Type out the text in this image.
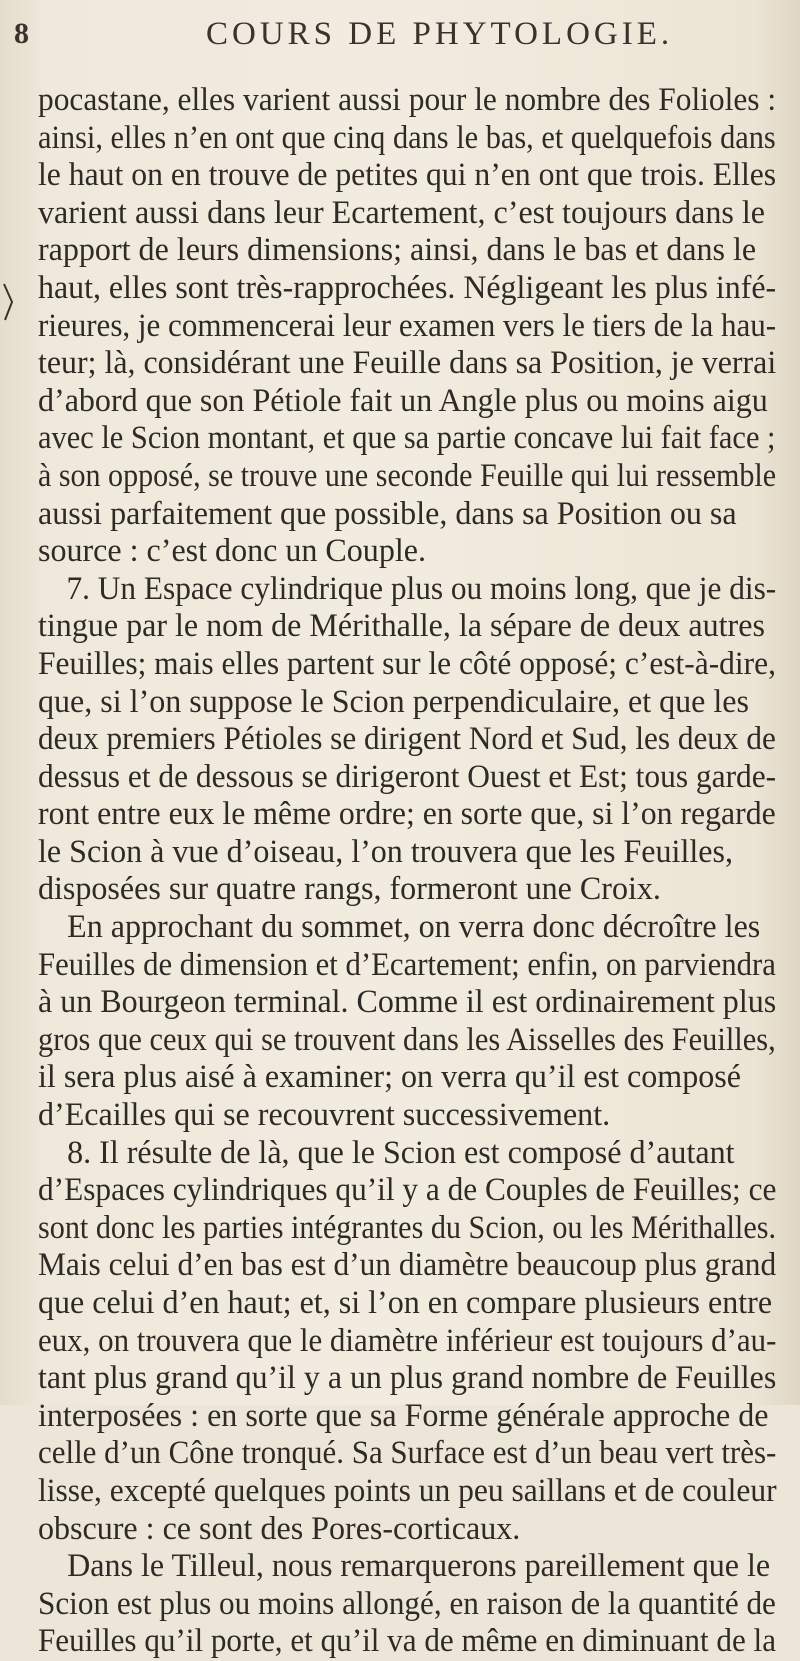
8	COURS DE PHYTOLOGIE.
pocastane, elles varient aussi pour le nombre des Folioles :
ainsi, elles n’en ont que cinq dans le bas, et quelquefois dans
le haut on en trouve de petites qui n’en ont que trois. Elles
varient aussi dans leur Ecartement, c’est toujours dans le
rapport de leurs dimensions; ainsi, dans le bas et dans le
haut, elles sont très-rapprochées. Négligeant les plus infé-
rieures, je commencerai leur examen vers le tiers de la hau-
teur; là, considérant une Feuille dans sa Position, je verrai
d’abord que son Pétiole fait un Angle plus ou moins aigu
avec le Scion montant, et que sa partie concave lui fait face ;
à son opposé, se trouve une seconde Feuille qui lui ressemble
aussi parfaitement que possible, dans sa Position ou sa
source : c’est donc un Couple.
7. Un Espace cylindrique plus ou moins long, que je dis-
tingue par le nom de Mérithalle, la sépare de deux autres
Feuilles; mais elles partent sur le côté opposé; c’est-à-dire,
que, si l’on suppose le Scion perpendiculaire, et que les
deux premiers Pétioles se dirigent Nord et Sud, les deux de
dessus et de dessous se dirigeront Ouest et Est; tous garde-
ront entre eux le même ordre; en sorte que, si l’on regarde
le Scion à vue d’oiseau, l’on trouvera que les Feuilles,
disposées sur quatre rangs, formeront une Croix.
En approchant du sommet, on verra donc décroître les
Feuilles de dimension et d’Ecartement; enfin, on parviendra
à un Bourgeon terminal. Comme il est ordinairement plus
gros que ceux qui se trouvent dans les Aisselles des Feuilles,
il sera plus aisé à examiner; on verra qu’il est composé
d’Ecailles qui se recouvrent successivement.
8. Il résulte de là, que le Scion est composé d’autant
d’Espaces cylindriques qu’il y a de Couples de Feuilles; ce
sont donc les parties intégrantes du Scion, ou les Mérithalles.
Mais celui d’en bas est d’un diamètre beaucoup plus grand
que celui d’en haut; et, si l’on en compare plusieurs entre
eux, on trouvera que le diamètre inférieur est toujours d’au-
tant plus grand qu’il y a un plus grand nombre de Feuilles
interposées : en sorte que sa Forme générale approche de
celle d’un Cône tronqué. Sa Surface est d’un beau vert très-
lisse, excepté quelques points un peu saillans et de couleur
obscure : ce sont des Pores-corticaux.
Dans le Tilleul, nous remarquerons pareillement que le
Scion est plus ou moins allongé, en raison de la quantité de
Feuilles qu’il porte, et qu’il va de même en diminuant de la
